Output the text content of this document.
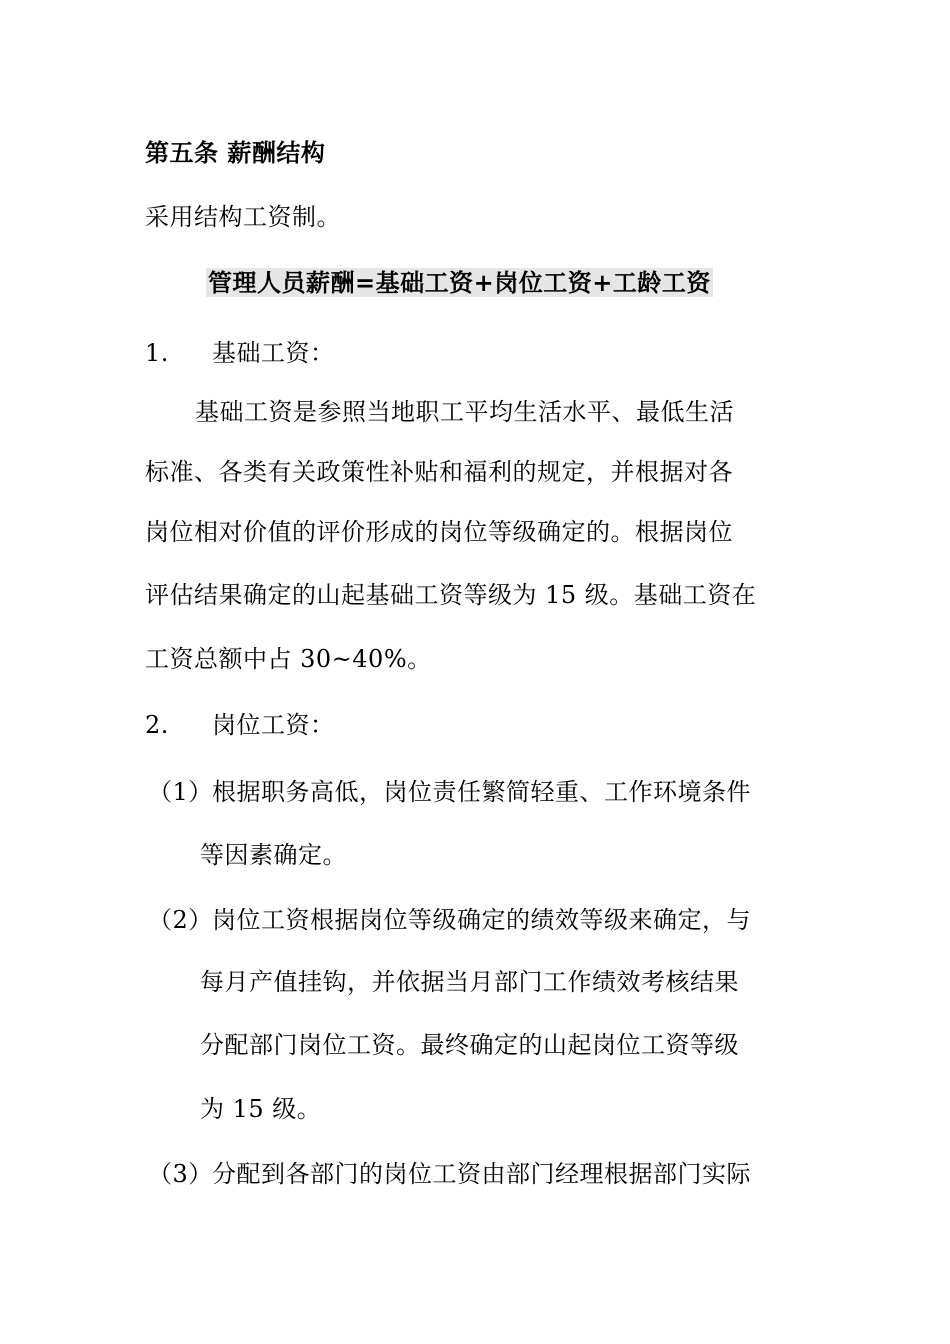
第五条 薪酬结构
采用结构工资制。
管理人员薪酬=基础工资+岗位工资+工龄工资
1. 基础工资：
基础工资是参照当地职工平均生活水平、最低生活
标准、各类有关政策性补贴和福利的规定，并根据对各
岗位相对价值的评价形成的岗位等级确定的。根据岗位
评估结果确定的山起基础工资等级为 15 级。基础工资在
工资总额中占 30~40%。
2. 岗位工资：
（1） 根据职务高低，岗位责任繁简轻重、工作环境条件
等因素确定。
（2） 岗位工资根据岗位等级确定的绩效等级来确定，与
每月产值挂钩，并依据当月部门工作绩效考核结果
分配部门岗位工资。最终确定的山起岗位工资等级
为 15 级。
（3） 分配到各部门的岗位工资由部门经理根据部门实际
